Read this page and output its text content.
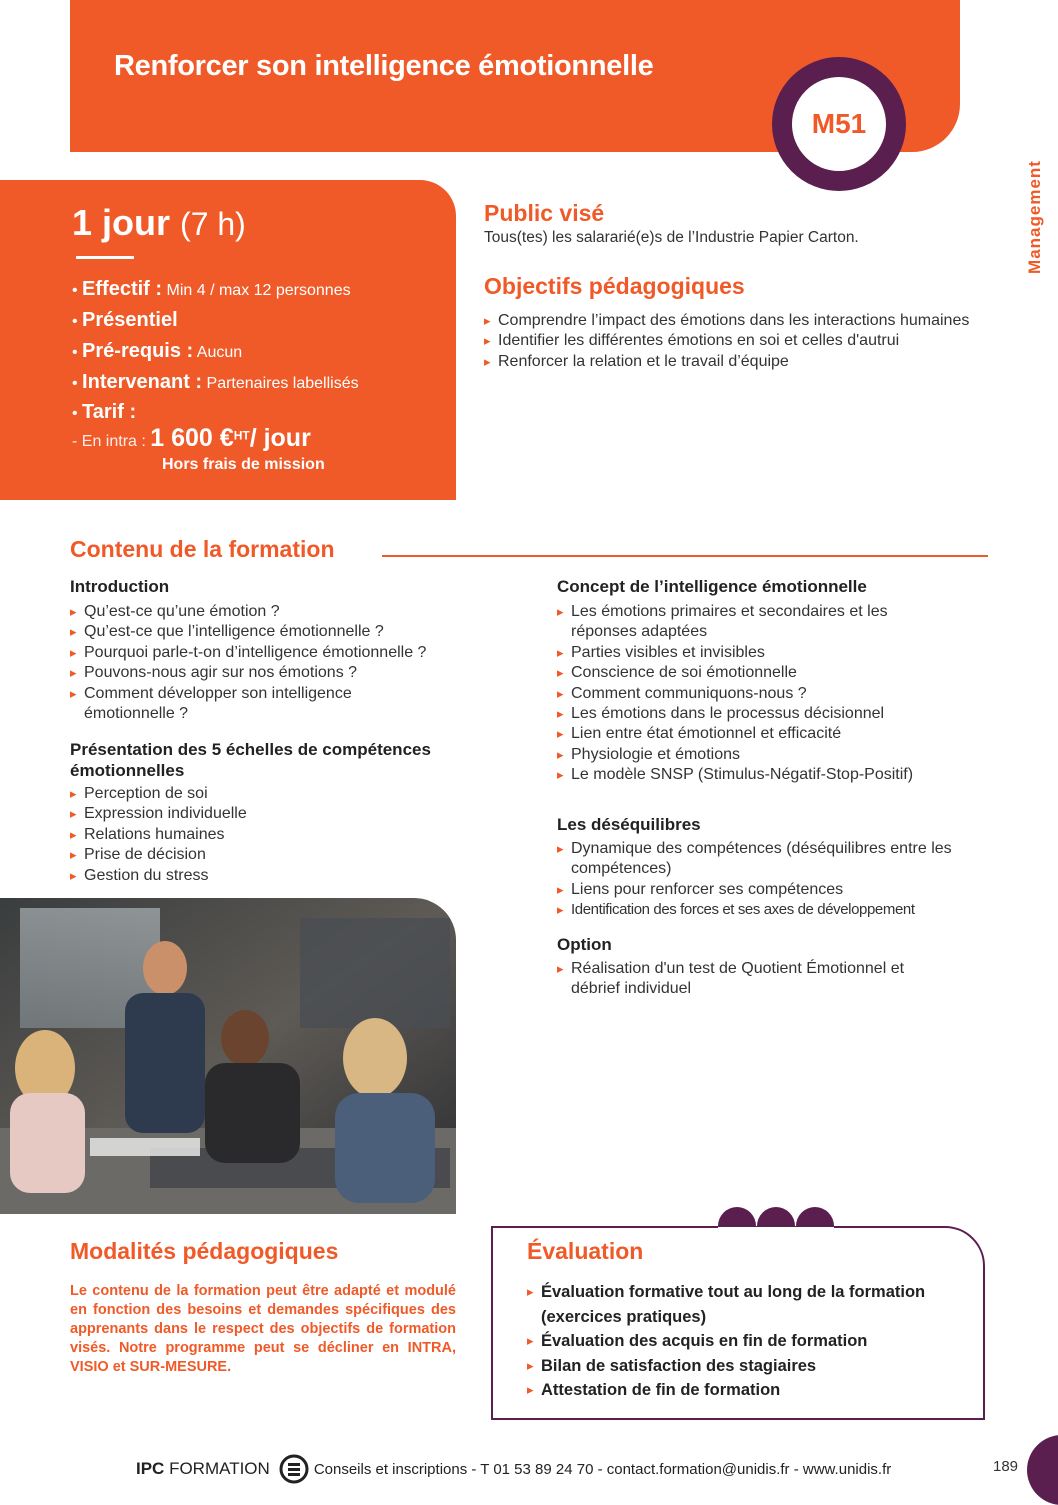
Renforcer son intelligence émotionnelle
M51
Management
1 jour (7 h)
• Effectif : Min 4 / max 12 personnes
• Présentiel
• Pré-requis : Aucun
• Intervenant : Partenaires labellisés
• Tarif :
- En intra : 1 600 €$^{HT}$/ jour
Hors frais de mission
Public visé
Tous(tes) les salararié(e)s de l’Industrie Papier Carton.
Objectifs pédagogiques
▸ Comprendre l’impact des émotions dans les interactions humaines
▸ Identifier les différentes émotions en soi et celles d'autrui
▸ Renforcer la relation et le travail d’équipe
Contenu de la formation
Introduction
▸ Qu’est-ce qu’une émotion ?
▸ Qu’est-ce que l’intelligence émotionnelle ?
▸ Pourquoi parle-t-on d’intelligence émotionnelle ?
▸ Pouvons-nous agir sur nos émotions ?
▸ Comment développer son intelligence émotionnelle ?
Présentation des 5 échelles de compétences émotionnelles
▸ Perception de soi
▸ Expression individuelle
▸ Relations humaines
▸ Prise de décision
▸ Gestion du stress
Concept de l’intelligence émotionnelle
▸ Les émotions primaires et secondaires et les réponses adaptées
▸ Parties visibles et invisibles
▸ Conscience de soi émotionnelle
▸ Comment communiquons-nous ?
▸ Les émotions dans le processus décisionnel
▸ Lien entre état émotionnel et efficacité
▸ Physiologie et émotions
▸ Le modèle SNSP (Stimulus-Négatif-Stop-Positif)
Les déséquilibres
▸ Dynamique des compétences (déséquilibres entre les compétences)
▸ Liens pour renforcer ses compétences
▸ Identification des forces et ses axes de développement
Option
▸ Réalisation d'un test de Quotient Émotionnel et débrief individuel
Modalités pédagogiques
Le contenu de la formation peut être adapté et modulé en fonction des besoins et demandes spécifiques des apprenants dans le respect des objectifs de formation visés. Notre programme peut se décliner en INTRA, VISIO et SUR-MESURE.
Évaluation
▸ Évaluation formative tout au long de la formation (exercices pratiques)
▸ Évaluation des acquis en fin de formation
▸ Bilan de satisfaction des stagiaires
▸ Attestation de fin de formation
IPC FORMATION	Conseils et inscriptions - T 01 53 89 24 70 - contact.formation@unidis.fr - www.unidis.fr	189
